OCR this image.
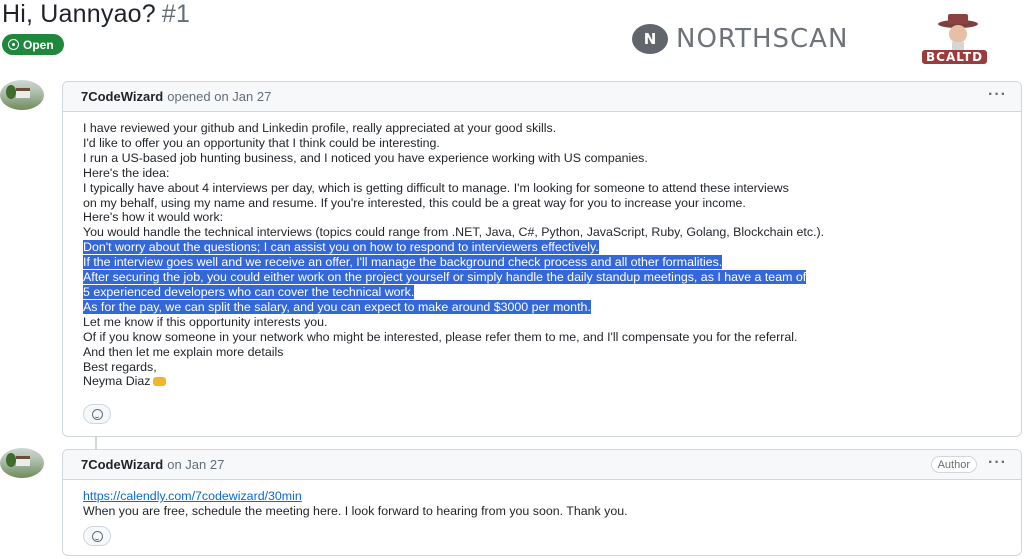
Hi, Uannyao? #1
Open	N NORTHSCAN
BCALTD
7CodeWizard opened on Jan 27	···

I have reviewed your github and Linkedin profile, really appreciated at your good skills.

I'd like to offer you an opportunity that I think could be interesting.

I run a US-based job hunting business, and I noticed you have experience working with US companies.

Here's the idea:

I typically have about 4 interviews per day, which is getting difficult to manage. I'm looking for someone to attend these interviews

on my behalf, using my name and resume. If you're interested, this could be a great way for you to increase your income.

Here's how it would work:

You would handle the technical interviews (topics could range from .NET, Java, C#, Python, JavaScript, Ruby, Golang, Blockchain etc.).

Don't worry about the questions; I can assist you on how to respond to interviewers effectively.

If the interview goes well and we receive an offer, I'll manage the background check process and all other formalities.

After securing the job, you could either work on the project yourself or simply handle the daily standup meetings, as I have a team of

5 experienced developers who can cover the technical work.

As for the pay, we can split the salary, and you can expect to make around $3000 per month.

Let me know if this opportunity interests you.

Of if you know someone in your network who might be interested, please refer them to me, and I'll compensate you for the referral.

And then let me explain more details

Best regards,

Neyma Diaz

7CodeWizard on Jan 27	Author	···

https://calendly.com/7codewizard/30min

When you are free, schedule the meeting here. I look forward to hearing from you soon. Thank you.
